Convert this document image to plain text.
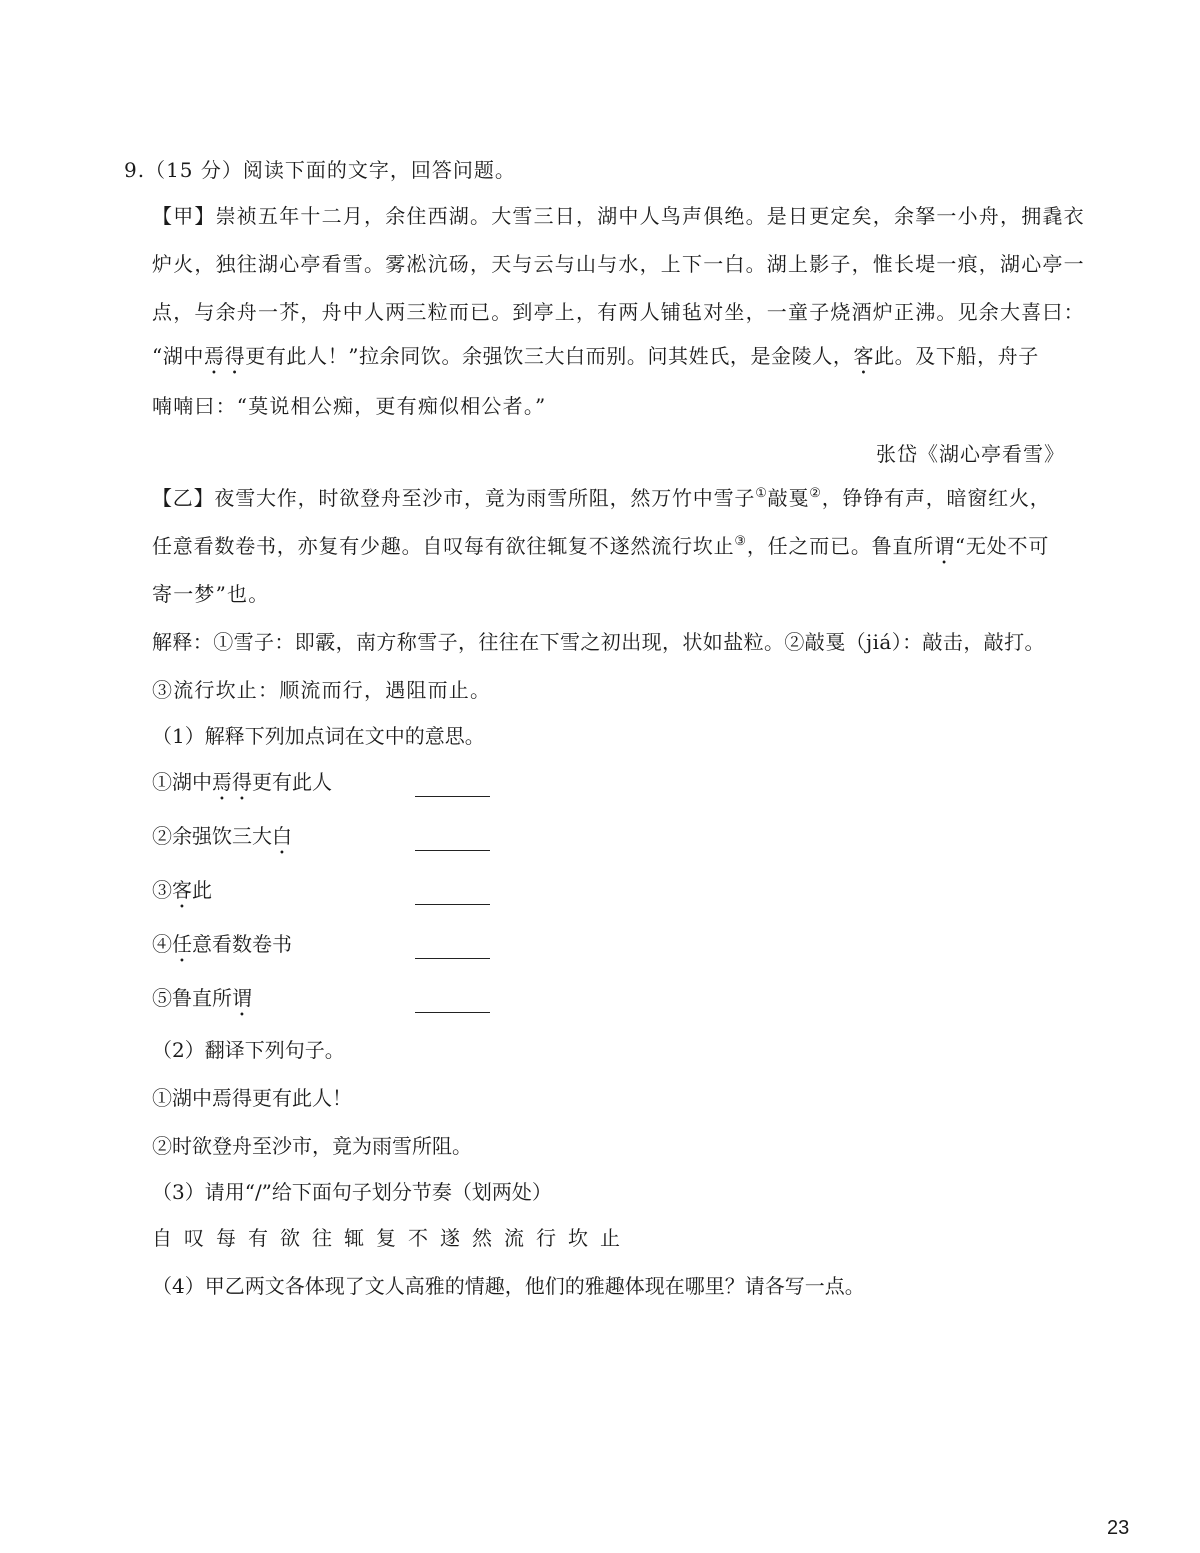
9.（15 分）阅读下面的文字，回答问题。
【甲】崇祯五年十二月，余住西湖。大雪三日，湖中人鸟声俱绝。是日更定矣，余拏一小舟，拥毳衣
炉火，独往湖心亭看雪。雾凇沆砀，天与云与山与水，上下一白。湖上影子，惟长堤一痕，湖心亭一
点，与余舟一芥，舟中人两三粒而已。到亭上，有两人铺毡对坐，一童子烧酒炉正沸。见余大喜曰：
“湖中焉得更有此人！”拉余同饮。余强饮三大白而别。问其姓氏，是金陵人，客此。及下船，舟子
喃喃曰：“莫说相公痴，更有痴似相公者。”
张岱《湖心亭看雪》
【乙】夜雪大作，时欲登舟至沙市，竟为雨雪所阻，然万竹中雪子①敲戛②，铮铮有声，暗窗红火，
任意看数卷书，亦复有少趣。自叹每有欲往辄复不遂然流行坎止③，任之而已。鲁直所谓“无处不可
寄一梦”也。
解释：①雪子：即霰，南方称雪子，往往在下雪之初出现，状如盐粒。②敲戛（jiá）：敲击，敲打。
③流行坎止：顺流而行，遇阻而止。
（1）解释下列加点词在文中的意思。
①湖中焉得更有此人
②余强饮三大白
③客此
④任意看数卷书
⑤鲁直所谓
（2）翻译下列句子。
①湖中焉得更有此人！
②时欲登舟至沙市，竟为雨雪所阻。
（3）请用“/”给下面句子划分节奏（划两处）
自叹每有欲往辄复不遂然流行坎止
（4）甲乙两文各体现了文人高雅的情趣，他们的雅趣体现在哪里？请各写一点。
23
